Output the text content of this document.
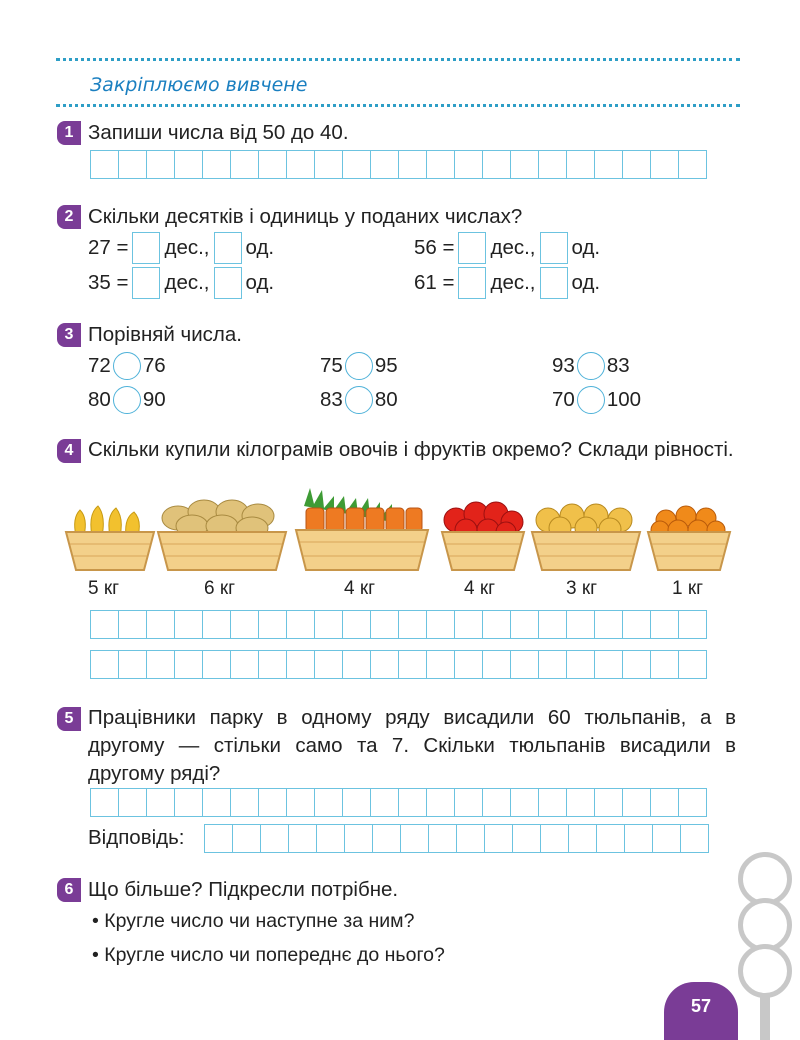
Закріплюємо вивчене
1 Запиши числа від 50 до 40.
2 Скільки десятків і одиниць у поданих числах?
27 = дес., од.	56 = дес., од.
35 = дес., од.	61 = дес., од.
3 Порівняй числа.
72 76	75 95	93 83
80 90	83 80	70 100
4 Скільки купили кілограмів овочів і фруктів окремо? Склади рівності.
5 кг	6 кг	4 кг	4 кг	3 кг	1 кг
5 Працівники парку в одному ряду висадили 60 тюльпанів, а в другому — стільки само та 7. Скільки тюльпанів висадили в другому ряді?
Відповідь:
6 Що більше? Підкресли потрібне.
• Кругле число чи наступне за ним?
• Кругле число чи попереднє до нього?
57
